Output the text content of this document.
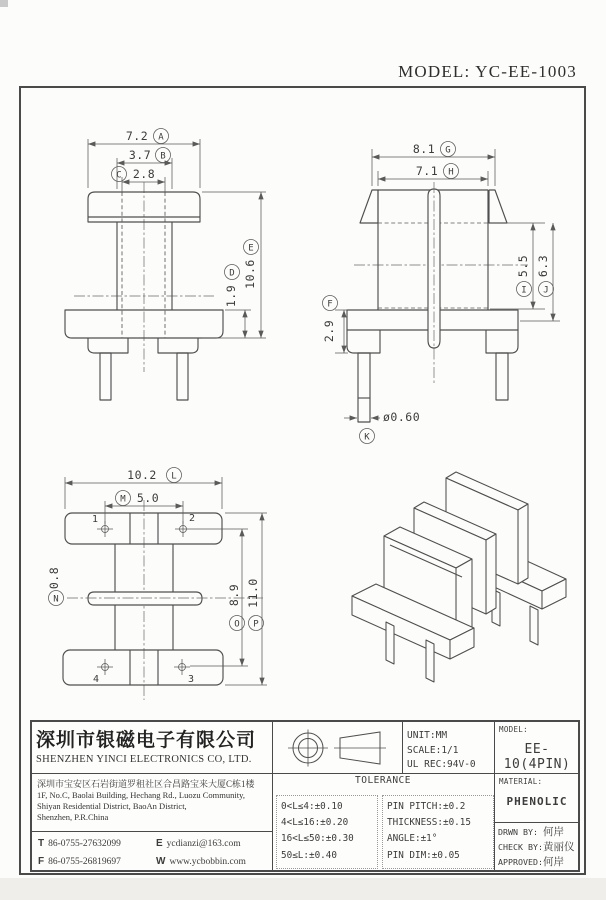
MODEL: YC-EE-1003
7.2 A
3.7 B
C 2.8
D
1.9
E
10.6
8.1 G
7.1 H
5.5
I
6.3
J
F
2.9
ø0.60
K
1	2
4	3
10.2 L
M 5.0
N
0.8
8.9
O
11.0
P
深圳市银磁电子有限公司
SHENZHEN YINCI ELECTRONICS CO, LTD.
深圳市宝安区石岩街道罗租社区合昌路宝来大厦C栋1楼
1F, No.C, Baolai Building, Hechang Rd., Luozu Community,
Shiyan Residential District, BaoAn District,
Shenzhen, P.R.China
T 86-0755-27632099	E ycdianzi@163.com
F 86-0755-26819697	W www.ycbobbin.com
UNIT:MM
SCALE:1/1
UL REC:94V-0
MODEL:
EE-10(4PIN)
TOLERANCE
0<L≤4:±0.10
4<L≤16:±0.20
16<L≤50:±0.30
50≤L:±0.40
PIN PITCH:±0.2
THICKNESS:±0.15
ANGLE:±1°
PIN DIM:±0.05
MATERIAL:
PHENOLIC
DRWN BY: 何岸
CHECK BY:黄丽仪
APPROVED:何岸
